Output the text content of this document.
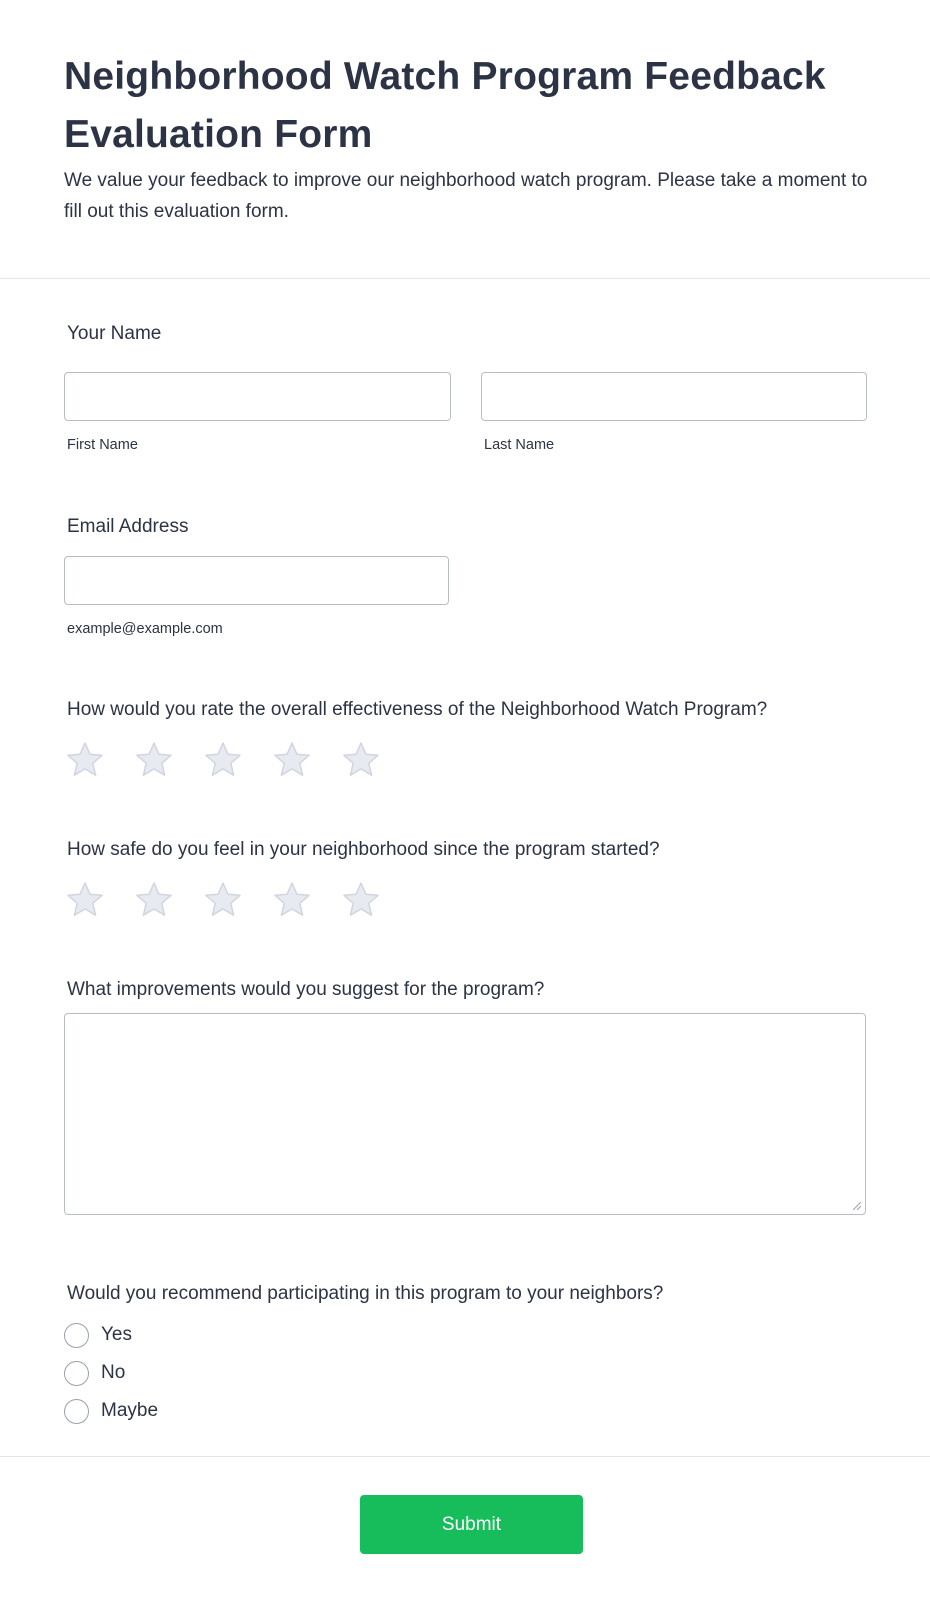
Neighborhood Watch Program Feedback Evaluation Form

We value your feedback to improve our neighborhood watch program. Please take a moment to fill out this evaluation form.

Your Name
First Name	Last Name
Email Address
example@example.com
How would you rate the overall effectiveness of the Neighborhood Watch Program?
How safe do you feel in your neighborhood since the program started?
What improvements would you suggest for the program?
Would you recommend participating in this program to your neighbors?
Yes
No
Maybe
Submit
